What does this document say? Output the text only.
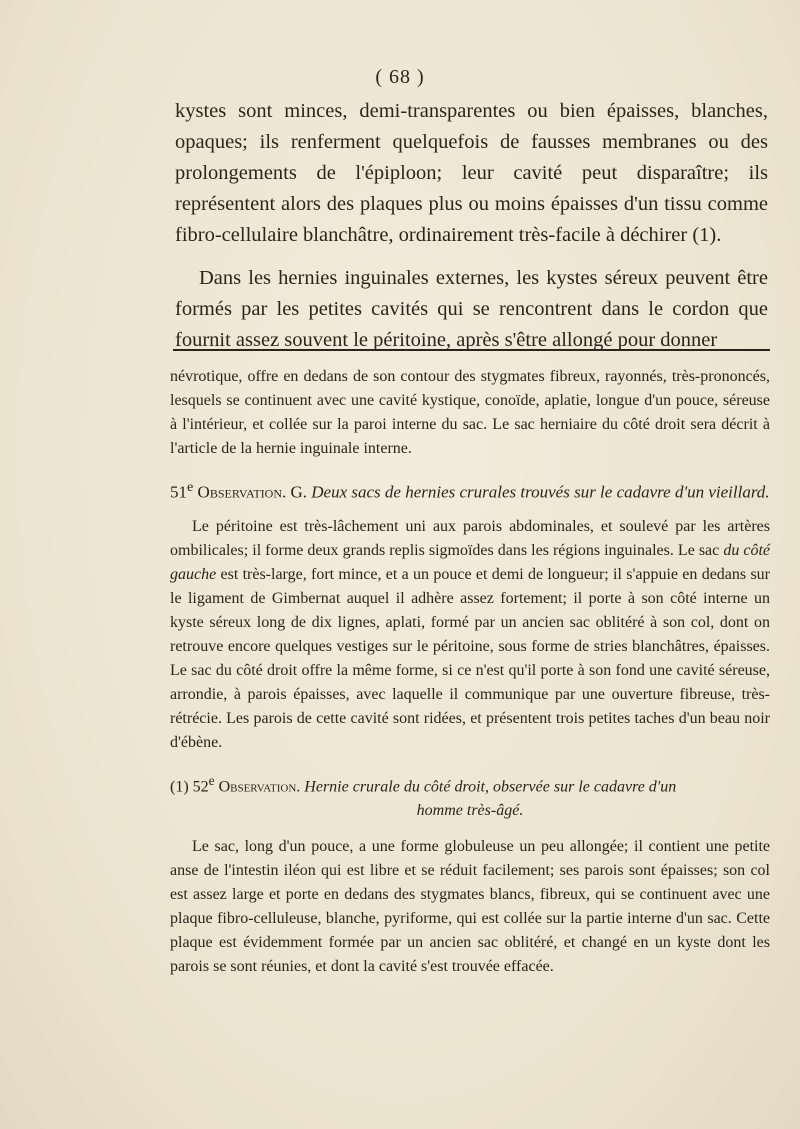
( 68 )

kystes sont minces, demi-transparentes ou bien épaisses, blanches, opaques; ils renferment quelquefois de fausses membranes ou des prolongements de l'épiploon; leur cavité peut disparaître; ils représentent alors des plaques plus ou moins épaisses d'un tissu comme fibro-cellulaire blanchâtre, ordinairement très-facile à déchirer (1).

Dans les hernies inguinales externes, les kystes séreux peuvent être formés par les petites cavités qui se rencontrent dans le cordon que fournit assez souvent le péritoine, après s'être allongé pour donner

névrotique, offre en dedans de son contour des stygmates fibreux, rayonnés, très-prononcés, lesquels se continuent avec une cavité kystique, conoïde, aplatie, longue d'un pouce, séreuse à l'intérieur, et collée sur la paroi interne du sac. Le sac herniaire du côté droit sera décrit à l'article de la hernie inguinale interne.

51e Observation. G. Deux sacs de hernies crurales trouvés sur le cadavre d'un vieillard.

Le péritoine est très-lâchement uni aux parois abdominales, et soulevé par les artères ombilicales; il forme deux grands replis sigmoïdes dans les régions inguinales. Le sac du côté gauche est très-large, fort mince, et a un pouce et demi de longueur; il s'appuie en dedans sur le ligament de Gimbernat auquel il adhère assez fortement; il porte à son côté interne un kyste séreux long de dix lignes, aplati, formé par un ancien sac oblitéré à son col, dont on retrouve encore quelques vestiges sur le péritoine, sous forme de stries blanchâtres, épaisses. Le sac du côté droit offre la même forme, si ce n'est qu'il porte à son fond une cavité séreuse, arrondie, à parois épaisses, avec laquelle il communique par une ouverture fibreuse, très-rétrécie. Les parois de cette cavité sont ridées, et présentent trois petites taches d'un beau noir d'ébène.

(1) 52e Observation. Hernie crurale du côté droit, observée sur le cadavre d'un

homme très-âgé.

Le sac, long d'un pouce, a une forme globuleuse un peu allongée; il contient une petite anse de l'intestin iléon qui est libre et se réduit facilement; ses parois sont épaisses; son col est assez large et porte en dedans des stygmates blancs, fibreux, qui se continuent avec une plaque fibro-celluleuse, blanche, pyriforme, qui est collée sur la partie interne d'un sac. Cette plaque est évidemment formée par un ancien sac oblitéré, et changé en un kyste dont les parois se sont réunies, et dont la cavité s'est trouvée effacée.
